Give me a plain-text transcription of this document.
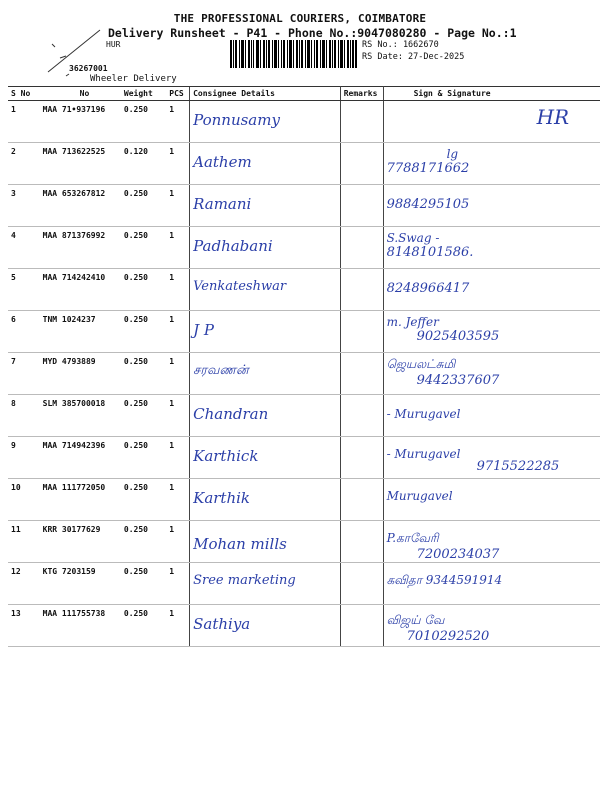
THE PROFESSIONAL COURIERS, COIMBATORE
Delivery Runsheet - P41 - Phone No.:9047080280 - Page No.:1
HUR
36267001
Wheeler Delivery
RS No.: 1662670
RS Date: 27-Dec-2025
S No	No	Weight	PCS	Consignee Details	Remarks	Sign & Signature
1	MAA 71•937196	0.250	1	Ponnusamy		HR

2	MAA 713622525	0.120	1	Aathem		lg
7788171662

3	MAA 653267812	0.250	1	Ramani		9884295105

4	MAA 871376992	0.250	1	Padhabani		S.Swag -
8148101586.

5	MAA 714242410	0.250	1	Venkateshwar		8248966417

6	TNM 1024237	0.250	1	J P		m. Jeffer
9025403595

7	MYD 4793889	0.250	1	சரவணன்		ஜெயலட்சுமி
9442337607

8	SLM 385700018	0.250	1	Chandran		- Murugavel

9	MAA 714942396	0.250	1	Karthick		- Murugavel
9715522285

10	MAA 111772050	0.250	1	Karthik		Murugavel

11	KRR 30177629	0.250	1	Mohan mills		P.காவேரி
7200234037

12	KTG 7203159	0.250	1	Sree marketing		கவிதா 9344591914

13	MAA 111755738	0.250	1	Sathiya		விஜய் வே
7010292520
